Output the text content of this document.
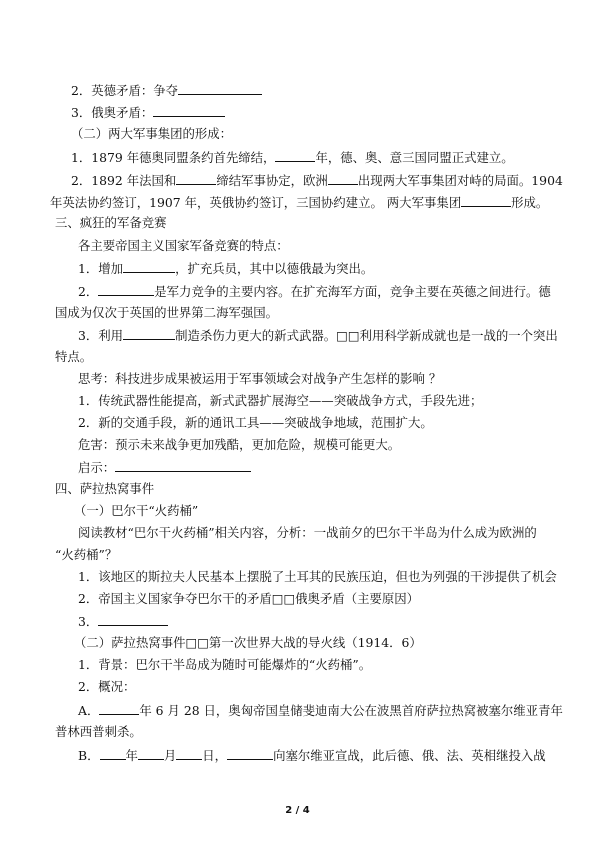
2．英德矛盾：争夺
3．俄奥矛盾：
（二）两大军事集团的形成：
1．1879 年德奥同盟条约首先缔结，	年，德、奥、意三国同盟正式建立。
2．1892 年法国和	缔结军事协定，欧洲 出现两大军事集团对峙的局面。1904
年英法协约签订，1907 年，英俄协约签订，三国协约建立。 两大军事集团	形成。
三、疯狂的军备竞赛
各主要帝国主义国家军备竞赛的特点：
1．增加	，扩充兵员，其中以德俄最为突出。
2．	是军力竞争的主要内容。在扩充海军方面，竞争主要在英德之间进行。德
国成为仅次于英国的世界第二海军强国。
3．利用	制造杀伤力更大的新式武器。□□利用科学新成就也是一战的一个突出
特点。
思考：科技进步成果被运用于军事领域会对战争产生怎样的影响 ？
1．传统武器性能提高，新式武器扩展海空——突破战争方式，手段先进；
2．新的交通手段，新的通讯工具——突破战争地域，范围扩大。
危害：预示未来战争更加残酷，更加危险，规模可能更大。
启示：
四、萨拉热窝事件
（一）巴尔干“火药桶”
阅读教材“巴尔干火药桶”相关内容，分析：一战前夕的巴尔干半岛为什么成为欧洲的
“火药桶”？
1．该地区的斯拉夫人民基本上摆脱了土耳其的民族压迫，但也为列强的干涉提供了机会
2．帝国主义国家争夺巴尔干的矛盾□□俄奥矛盾（主要原因）
3．
（二）萨拉热窝事件□□第一次世界大战的导火线（1914．6）
1．背景：巴尔干半岛成为随时可能爆炸的“火药桶”。
2．概况：
A．	年 6 月 28 日，奥匈帝国皇储斐迪南大公在波黑首府萨拉热窝被塞尔维亚青年
普林西普刺杀。
B． 年 月 日，	向塞尔维亚宣战，此后德、俄、法、英相继投入战
2 / 4
